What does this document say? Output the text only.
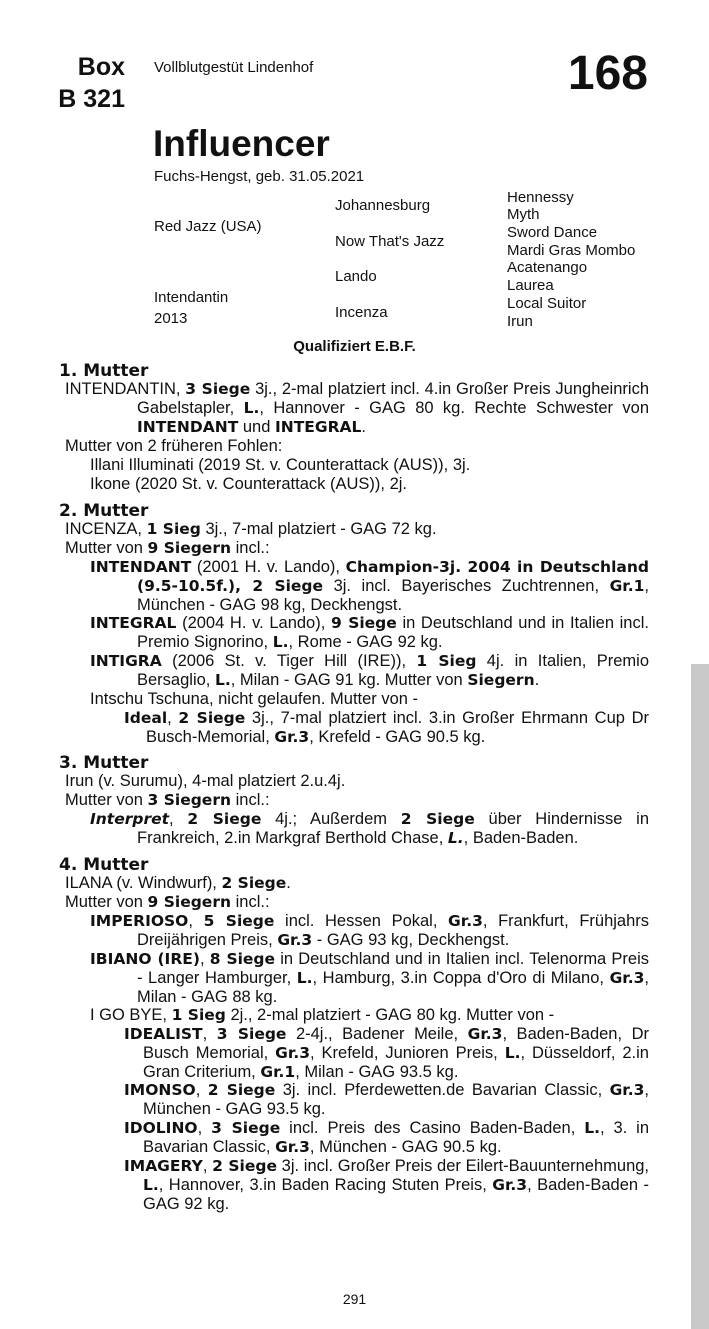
Box
B 321
Vollblutgestüt Lindenhof	168
Influencer
Fuchs-Hengst, geb. 31.05.2021
Red Jazz (USA)
Intendantin
2013
Johannesburg
Now That's Jazz
Lando
Incenza
Hennessy
Myth
Sword Dance
Mardi Gras Mombo
Acatenango
Laurea
Local Suitor
Irun
Qualifiziert E.B.F.
1. Mutter
INTENDANTIN, 3 Siege 3j., 2-mal platziert incl. 4.in Großer Preis Jungheinrich Gabelstapler, L., Hannover - GAG 80 kg. Rechte Schwester von INTENDANT und INTEGRAL.
Mutter von 2 früheren Fohlen:
Illani Illuminati (2019 St. v. Counterattack (AUS)), 3j.
Ikone (2020 St. v. Counterattack (AUS)), 2j.
2. Mutter
INCENZA, 1 Sieg 3j., 7-mal platziert - GAG 72 kg.
Mutter von 9 Siegern incl.:
INTENDANT (2001 H. v. Lando), Champion-3j. 2004 in Deutschland (9.5-10.5f.), 2 Siege 3j. incl. Bayerisches Zuchtrennen, Gr.1, München - GAG 98 kg, Deckhengst.
INTEGRAL (2004 H. v. Lando), 9 Siege in Deutschland und in Italien incl. Premio Signorino, L., Rome - GAG 92 kg.
INTIGRA (2006 St. v. Tiger Hill (IRE)), 1 Sieg 4j. in Italien, Premio Bersaglio, L., Milan - GAG 91 kg. Mutter von Siegern.
Intschu Tschuna, nicht gelaufen. Mutter von -
Ideal, 2 Siege 3j., 7-mal platziert incl. 3.in Großer Ehrmann Cup Dr Busch-Memorial, Gr.3, Krefeld - GAG 90.5 kg.
3. Mutter
Irun (v. Surumu), 4-mal platziert 2.u.4j.
Mutter von 3 Siegern incl.:
Interpret, 2 Siege 4j.; Außerdem 2 Siege über Hindernisse in Frankreich, 2.in Markgraf Berthold Chase, L., Baden-Baden.
4. Mutter
ILANA (v. Windwurf), 2 Siege.
Mutter von 9 Siegern incl.:
IMPERIOSO, 5 Siege incl. Hessen Pokal, Gr.3, Frankfurt, Frühjahrs Dreijährigen Preis, Gr.3 - GAG 93 kg, Deckhengst.
IBIANO (IRE), 8 Siege in Deutschland und in Italien incl. Telenorma Preis - Langer Hamburger, L., Hamburg, 3.in Coppa d'Oro di Milano, Gr.3, Milan - GAG 88 kg.
I GO BYE, 1 Sieg 2j., 2-mal platziert - GAG 80 kg. Mutter von -
IDEALIST, 3 Siege 2-4j., Badener Meile, Gr.3, Baden-Baden, Dr Busch Memorial, Gr.3, Krefeld, Junioren Preis, L., Düsseldorf, 2.in Gran Criterium, Gr.1, Milan - GAG 93.5 kg.
IMONSO, 2 Siege 3j. incl. Pferdewetten.de Bavarian Classic, Gr.3, München - GAG 93.5 kg.
IDOLINO, 3 Siege incl. Preis des Casino Baden-Baden, L., 3. in Bavarian Classic, Gr.3, München - GAG 90.5 kg.
IMAGERY, 2 Siege 3j. incl. Großer Preis der Eilert-Bauunternehmung, L., Hannover, 3.in Baden Racing Stuten Preis, Gr.3, Baden-Baden - GAG 92 kg.
291
